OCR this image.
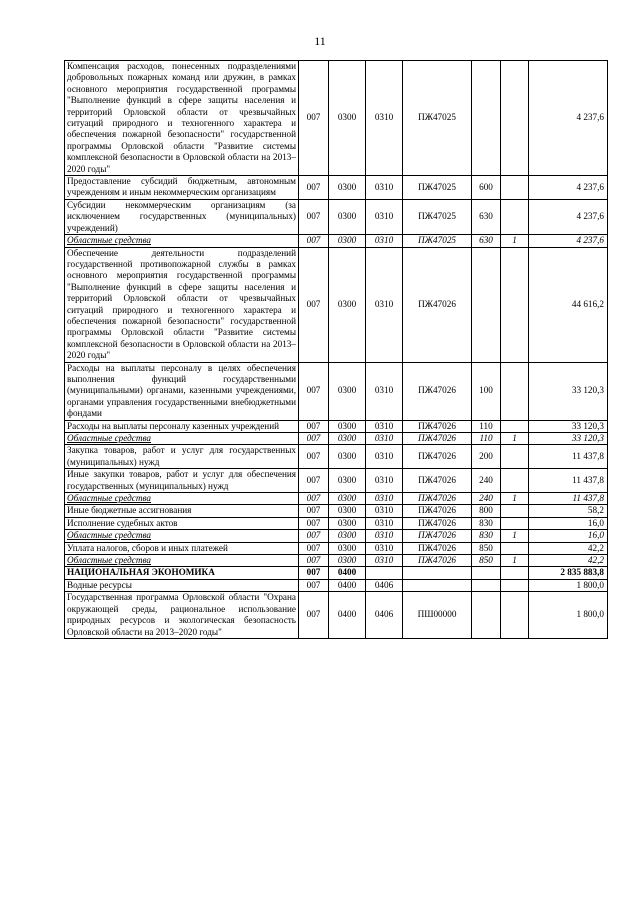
11
Компенсация расходов, понесенных подразделениями добровольных пожарных команд или дружин, в рамках основного мероприятия государственной программы "Выполнение функций в сфере защиты населения и территорий Орловской области от чрезвычайных ситуаций природного и техногенного характера и обеспечения пожарной безопасности" государственной программы Орловской области "Развитие системы комплексной безопасности в Орловской области на 2013–2020 годы"	007	0300	0310	ПЖ47025			4 237,6
Предоставление субсидий бюджетным, автономным учреждениям и иным некоммерческим организациям	007	0300	0310	ПЖ47025	600		4 237,6
Субсидии некоммерческим организациям (за исключением государственных (муниципальных) учреждений)	007	0300	0310	ПЖ47025	630		4 237,6
Областные средства	007	0300	0310	ПЖ47025	630	1	4 237,6
Обеспечение деятельности подразделений государственной противопожарной службы в рамках основного мероприятия государственной программы "Выполнение функций в сфере защиты населения и территорий Орловской области от чрезвычайных ситуаций природного и техногенного характера и обеспечения пожарной безопасности" государственной программы Орловской области "Развитие системы комплексной безопасности в Орловской области на 2013–2020 годы"	007	0300	0310	ПЖ47026			44 616,2
Расходы на выплаты персоналу в целях обеспечения выполнения функций государственными (муниципальными) органами, казенными учреждениями, органами управления государственными внебюджетными фондами	007	0300	0310	ПЖ47026	100		33 120,3
Расходы на выплаты персоналу казенных учреждений	007	0300	0310	ПЖ47026	110		33 120,3
Областные средства	007	0300	0310	ПЖ47026	110	1	33 120,3
Закупка товаров, работ и услуг для государственных (муниципальных) нужд	007	0300	0310	ПЖ47026	200		11 437,8
Иные закупки товаров, работ и услуг для обеспечения государственных (муниципальных) нужд	007	0300	0310	ПЖ47026	240		11 437,8
Областные средства	007	0300	0310	ПЖ47026	240	1	11 437,8
Иные бюджетные ассигнования	007	0300	0310	ПЖ47026	800		58,2
Исполнение судебных актов	007	0300	0310	ПЖ47026	830		16,0
Областные средства	007	0300	0310	ПЖ47026	830	1	16,0
Уплата налогов, сборов и иных платежей	007	0300	0310	ПЖ47026	850		42,2
Областные средства	007	0300	0310	ПЖ47026	850	1	42,2
НАЦИОНАЛЬНАЯ ЭКОНОМИКА	007	0400					2 835 883,8
Водные ресурсы	007	0400	0406				1 800,0
Государственная программа Орловской области "Охрана окружающей среды, рациональное использование природных ресурсов и экологическая безопасность Орловской области на 2013–2020 годы"	007	0400	0406	ПШ00000			1 800,0
